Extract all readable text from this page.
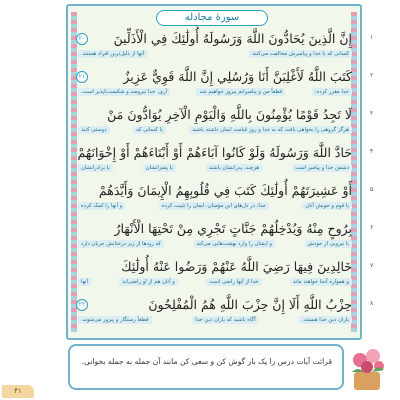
سورهٔ مجادله
إِنَّ الَّذِينَ يُحَادُّونَ اللَّهَ وَرَسُولَهُ أُولَٰئِكَ فِي الْأَذَلِّينَ
٢٠
کسانی که با خدا و پیامبرش مخالفت می‌کنند
آنها از ذلیل‌ترین افراد هستند.
كَتَبَ اللَّهُ لَأَغْلِبَنَّ أَنَا وَرُسُلِي إِنَّ اللَّهَ قَوِيٌّ عَزِيزٌ
٢١
خدا مقرر کرده:
قطعاً من و پیامبرانم پیروز خواهیم شد
آری، خدا نیرومند و شکست‌ناپذیر است.
لَا تَجِدُ قَوْمًا يُؤْمِنُونَ بِاللَّهِ وَالْيَوْمِ الْآخِرِ يُوَادُّونَ مَنْ
هرگز گروهی را نخواهی یافت که به خدا و روز قیامت ایمان داشته باشند
با کسانی که
دوستی کنند
حَادَّ اللَّهَ وَرَسُولَهُ وَلَوْ كَانُوا آبَاءَهُمْ أَوْ أَبْنَاءَهُمْ أَوْ إِخْوَانَهُمْ
دشمن خدا و پیامبر است
هرچند، پدرانشان باشند
یا پسرانشان
یا برادرانشان
أَوْ عَشِيرَتَهُمْ أُولَٰئِكَ كَتَبَ فِي قُلُوبِهِمُ الْإِيمَانَ وَأَيَّدَهُمْ
یا قوم و خویش آنان
خدا، در دل‌های این مؤمنان، ایمان را تثبیت کرده
و آنها را کمک کرده
بِرُوحٍ مِنْهُ وَيُدْخِلُهُمْ جَنَّاتٍ تَجْرِي مِنْ تَحْتِهَا الْأَنْهَارُ
با نیرویی از خودش
و ایشان را وارد بهشت‌هایی می‌کند
که رودها از زیر درختانش جریان دارد
خَالِدِينَ فِيهَا رَضِيَ اللَّهُ عَنْهُمْ وَرَضُوا عَنْهُ أُولَٰئِكَ
و همواره آنجا خواهند ماند
خدا از آنها راضی است
و آنان هم از او راضی‌اند
آنها
حِزْبُ اللَّهِ أَلَا إِنَّ حِزْبَ اللَّهِ هُمُ الْمُفْلِحُونَ
٢٢
یاران دین خدا هستند.
آگاه باشید که یاران دین خدا
قطعاً رستگار و پیروز می‌شوند.
۱
۲
۳
۴
۵
۶
۷
۸
قرائت آیات درس را یک بار گوش کن و سعی کن مانند آن جمله به جمله بخوانی.
۴۱
